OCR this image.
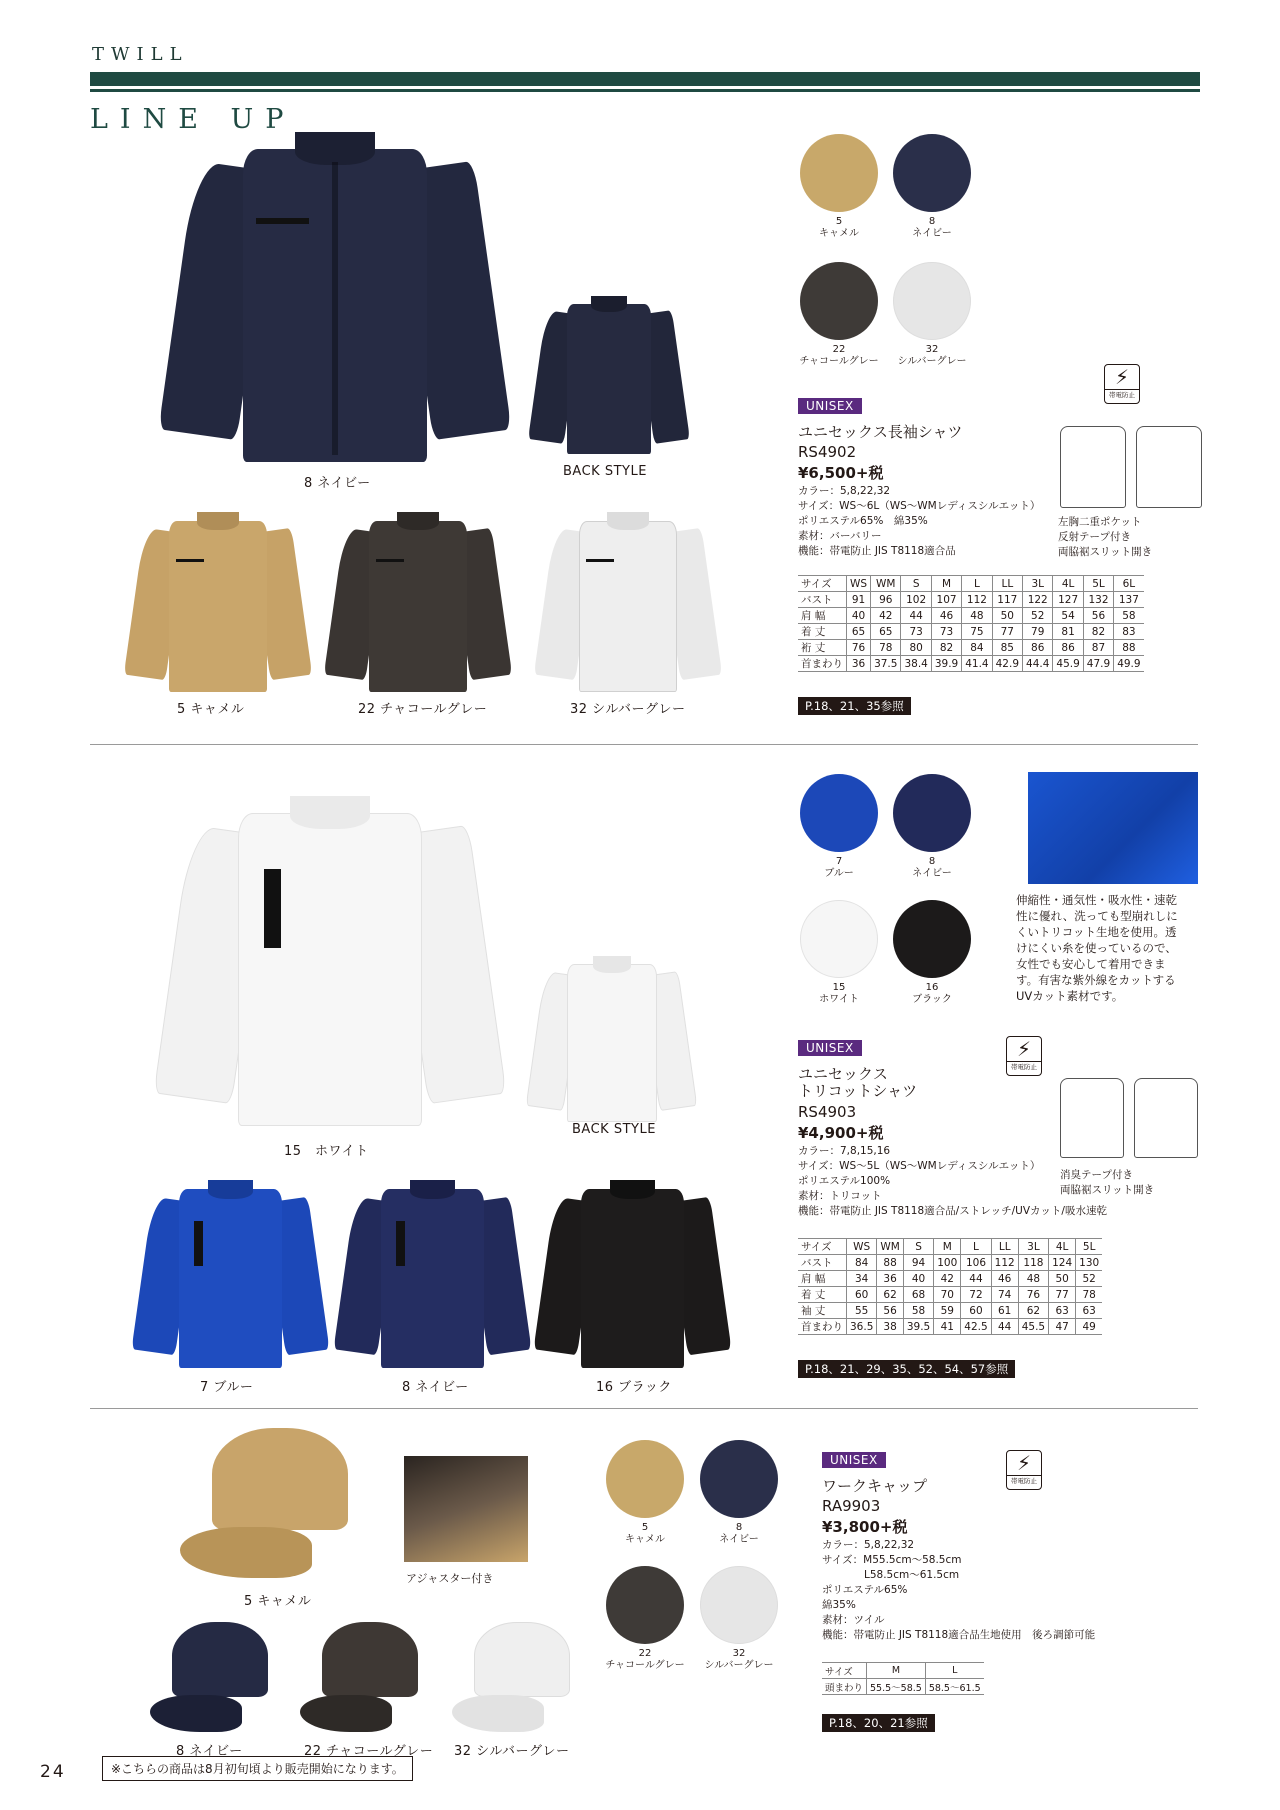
TWILL
LINE UP
8 ネイビー
BACK STYLE
5 キャメル	22 チャコールグレー	32 シルバーグレー
5
キャメル
8
ネイビー
22
チャコールグレー
32
シルバーグレー
⚡
帯電防止
UNISEX
ユニセックス長袖シャツ
RS4902
¥6,500+税
カラー：5,8,22,32
サイズ：WS〜6L（WS〜WMレディスシルエット）
ポリエステル65%　綿35%
素材：バーバリー
機能：帯電防止 JIS T8118適合品
左胸二重ポケット
反射テープ付き
両脇裾スリット開き
サイズ	WS	WM	S	M	L	LL	3L	4L	5L	6L
バスト	91	96	102	107	112	117	122	127	132	137
肩 幅	40	42	44	46	48	50	52	54	56	58
着 丈	65	65	73	73	75	77	79	81	82	83
裄 丈	76	78	80	82	84	85	86	86	87	88
首まわり	36	37.5	38.4	39.9	41.4	42.9	44.4	45.9	47.9	49.9
P.18、21、35参照
15　ホワイト
BACK STYLE
7 ブルー	8 ネイビー	16 ブラック
7
ブルー
8
ネイビー
15
ホワイト
16
ブラック
伸縮性・通気性・吸水性・速乾性に優れ、洗っても型崩れしにくいトリコット生地を使用。透けにくい糸を使っているので、女性でも安心して着用できます。有害な紫外線をカットするUVカット素材です。
⚡
帯電防止
UNISEX
ユニセックス
トリコットシャツ
RS4903
¥4,900+税
カラー：7,8,15,16
サイズ：WS〜5L（WS〜WMレディスシルエット）
ポリエステル100%
素材：トリコット
機能：帯電防止 JIS T8118適合品/ストレッチ/UVカット/吸水速乾
消臭テープ付き
両脇裾スリット開き
サイズ	WS	WM	S	M	L	LL	3L	4L	5L
バスト	84	88	94	100	106	112	118	124	130
肩 幅	34	36	40	42	44	46	48	50	52
着 丈	60	62	68	70	72	74	76	77	78
袖 丈	55	56	58	59	60	61	62	63	63
首まわり	36.5	38	39.5	41	42.5	44	45.5	47	49
P.18、21、29、35、52、54、57参照
5 キャメル
アジャスター付き
8 ネイビー	22 チャコールグレー 32 シルバーグレー
5
キャメル
8
ネイビー
22
チャコールグレー
32
シルバーグレー
⚡
帯電防止
UNISEX
ワークキャップ
RA9903
¥3,800+税
カラー：5,8,22,32
サイズ：M55.5cm〜58.5cm
　　　　L58.5cm〜61.5cm
ポリエステル65%
綿35%
素材：ツイル
機能：帯電防止 JIS T8118適合品生地使用　後ろ調節可能
サイズ	M	L
頭まわり	55.5〜58.5	58.5〜61.5
P.18、20、21参照
24	※こちらの商品は8月初旬頃より販売開始になります。
